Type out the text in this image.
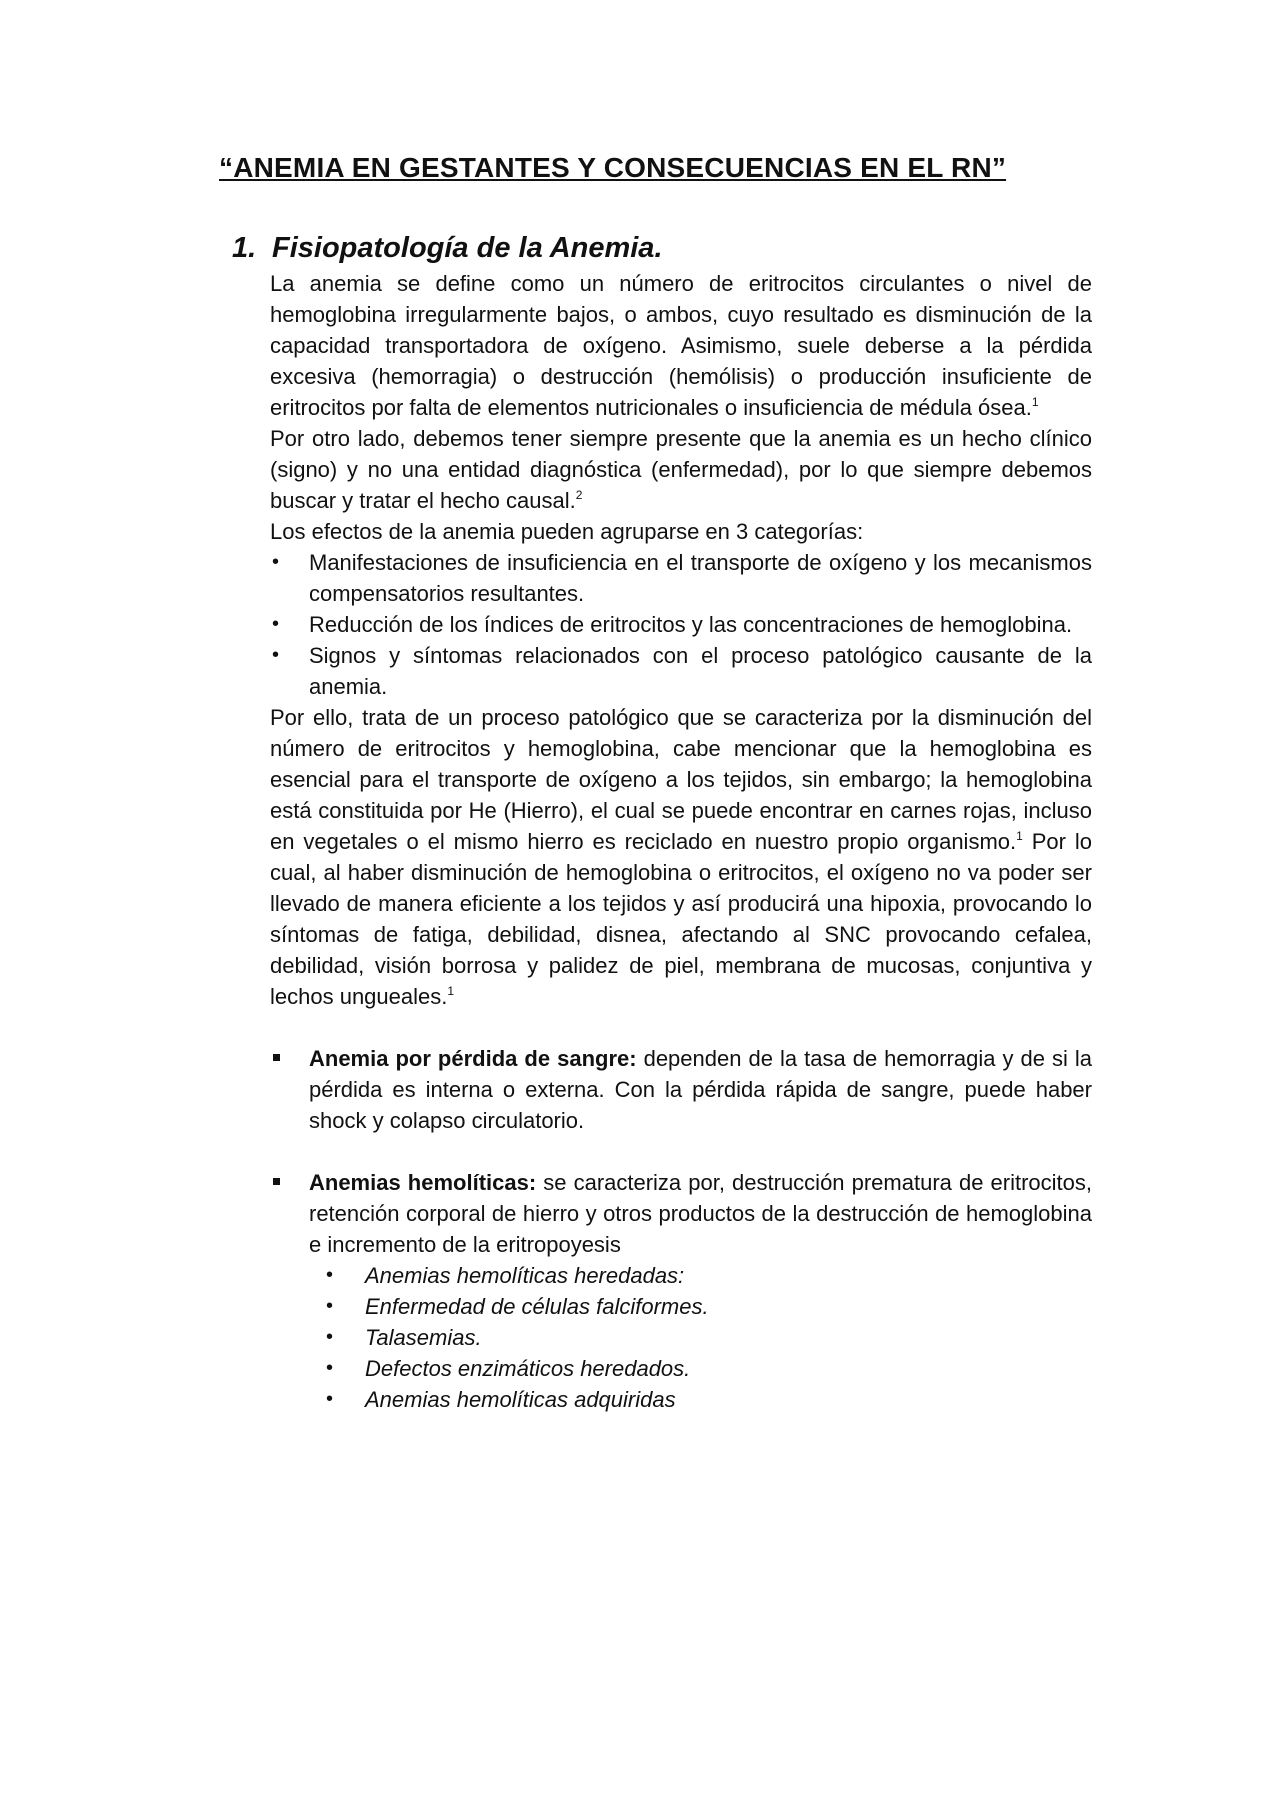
“ANEMIA EN GESTANTES Y CONSECUENCIAS EN EL RN”
1. Fisiopatología de la Anemia.

La anemia se define como un número de eritrocitos circulantes o nivel de hemoglobina irregularmente bajos, o ambos, cuyo resultado es disminución de la capacidad transportadora de oxígeno. Asimismo, suele deberse a la pérdida excesiva (hemorragia) o destrucción (hemólisis) o producción insuficiente de eritrocitos por falta de elementos nutricionales o insuficiencia de médula ósea.$^1$

Por otro lado, debemos tener siempre presente que la anemia es un hecho clínico (signo) y no una entidad diagnóstica (enfermedad), por lo que siempre debemos buscar y tratar el hecho causal.$^2$

Los efectos de la anemia pueden agruparse en 3 categorías:

• Manifestaciones de insuficiencia en el transporte de oxígeno y los mecanismos compensatorios resultantes.
• Reducción de los índices de eritrocitos y las concentraciones de hemoglobina.
• Signos y síntomas relacionados con el proceso patológico causante de la anemia.

Por ello, trata de un proceso patológico que se caracteriza por la disminución del número de eritrocitos y hemoglobina, cabe mencionar que la hemoglobina es esencial para el transporte de oxígeno a los tejidos, sin embargo; la hemoglobina está constituida por He (Hierro), el cual se puede encontrar en carnes rojas, incluso en vegetales o el mismo hierro es reciclado en nuestro propio organismo.$^1$ Por lo cual, al haber disminución de hemoglobina o eritrocitos, el oxígeno no va poder ser llevado de manera eficiente a los tejidos y así producirá una hipoxia, provocando lo síntomas de fatiga, debilidad, disnea, afectando al SNC provocando cefalea, debilidad, visión borrosa y palidez de piel, membrana de mucosas, conjuntiva y lechos ungueales.$^1$

Anemia por pérdida de sangre: dependen de la tasa de hemorragia y de si la pérdida es interna o externa. Con la pérdida rápida de sangre, puede haber shock y colapso circulatorio.
Anemias hemolíticas: se caracteriza por, destrucción prematura de eritrocitos, retención corporal de hierro y otros productos de la destrucción de hemoglobina e incremento de la eritropoyesis
• Anemias hemolíticas heredadas:
• Enfermedad de células falciformes.
• Talasemias.
• Defectos enzimáticos heredados.
• Anemias hemolíticas adquiridas
